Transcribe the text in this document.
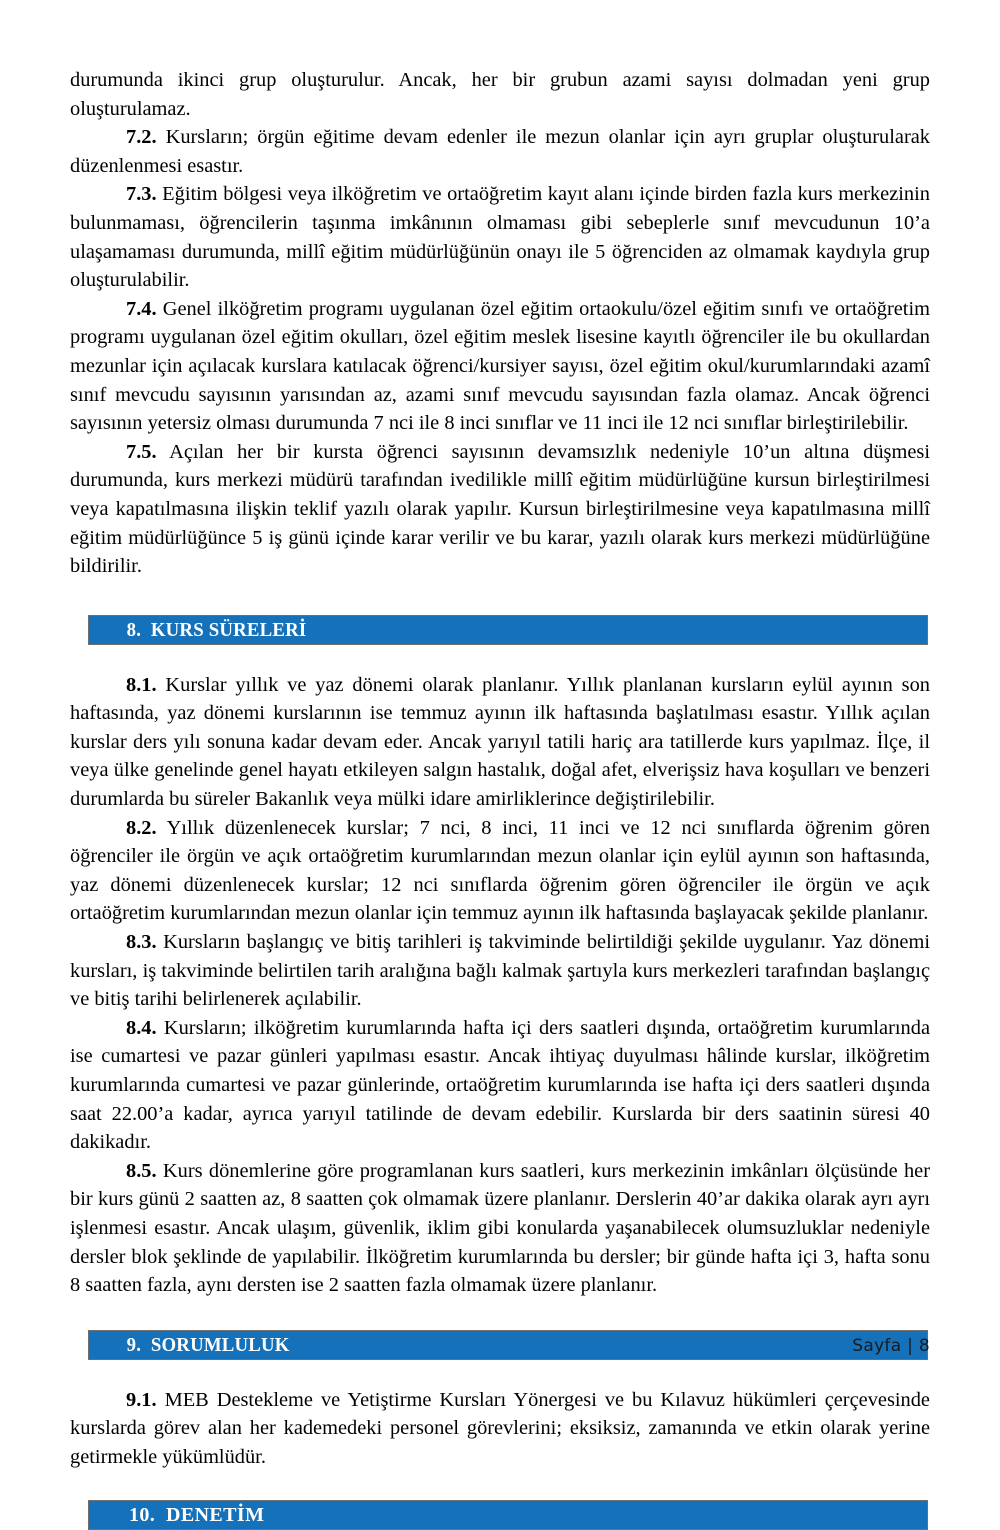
durumunda ikinci grup oluşturulur. Ancak, her bir grubun azami sayısı dolmadan yeni grup oluşturulamaz.

7.2. Kursların; örgün eğitime devam edenler ile mezun olanlar için ayrı gruplar oluşturularak düzenlenmesi esastır.

7.3. Eğitim bölgesi veya ilköğretim ve ortaöğretim kayıt alanı içinde birden fazla kurs merkezinin bulunmaması, öğrencilerin taşınma imkânının olmaması gibi sebeplerle sınıf mevcudunun 10’a ulaşamaması durumunda, millî eğitim müdürlüğünün onayı ile 5 öğrenciden az olmamak kaydıyla grup oluşturulabilir.

7.4. Genel ilköğretim programı uygulanan özel eğitim ortaokulu/özel eğitim sınıfı ve ortaöğretim programı uygulanan özel eğitim okulları, özel eğitim meslek lisesine kayıtlı öğrenciler ile bu okullardan mezunlar için açılacak kurslara katılacak öğrenci/kursiyer sayısı, özel eğitim okul/kurumlarındaki azamî sınıf mevcudu sayısının yarısından az, azami sınıf mevcudu sayısından fazla olamaz. Ancak öğrenci sayısının yetersiz olması durumunda 7 nci ile 8 inci sınıflar ve 11 inci ile 12 nci sınıflar birleştirilebilir.

7.5. Açılan her bir kursta öğrenci sayısının devamsızlık nedeniyle 10’un altına düşmesi durumunda, kurs merkezi müdürü tarafından ivedilikle millî eğitim müdürlüğüne kursun birleştirilmesi veya kapatılmasına ilişkin teklif yazılı olarak yapılır. Kursun birleştirilmesine veya kapatılmasına millî eğitim müdürlüğünce 5 iş günü içinde karar verilir ve bu karar, yazılı olarak kurs merkezi müdürlüğüne bildirilir.

8.  KURS SÜRELERİ

8.1. Kurslar yıllık ve yaz dönemi olarak planlanır. Yıllık planlanan kursların eylül ayının son haftasında, yaz dönemi kurslarının ise temmuz ayının ilk haftasında başlatılması esastır. Yıllık açılan kurslar ders yılı sonuna kadar devam eder. Ancak yarıyıl tatili hariç ara tatillerde kurs yapılmaz. İlçe, il veya ülke genelinde genel hayatı etkileyen salgın hastalık, doğal afet, elverişsiz hava koşulları ve benzeri durumlarda bu süreler Bakanlık veya mülki idare amirliklerince değiştirilebilir.

8.2. Yıllık düzenlenecek kurslar; 7 nci, 8 inci, 11 inci ve 12 nci sınıflarda öğrenim gören öğrenciler ile örgün ve açık ortaöğretim kurumlarından mezun olanlar için eylül ayının son haftasında, yaz dönemi düzenlenecek kurslar; 12 nci sınıflarda öğrenim gören öğrenciler ile örgün ve açık ortaöğretim kurumlarından mezun olanlar için temmuz ayının ilk haftasında başlayacak şekilde planlanır.

8.3. Kursların başlangıç ve bitiş tarihleri iş takviminde belirtildiği şekilde uygulanır. Yaz dönemi kursları, iş takviminde belirtilen tarih aralığına bağlı kalmak şartıyla kurs merkezleri tarafından başlangıç ve bitiş tarihi belirlenerek açılabilir.

8.4. Kursların; ilköğretim kurumlarında hafta içi ders saatleri dışında, ortaöğretim kurumlarında ise cumartesi ve pazar günleri yapılması esastır. Ancak ihtiyaç duyulması hâlinde kurslar, ilköğretim kurumlarında cumartesi ve pazar günlerinde, ortaöğretim kurumlarında ise hafta içi ders saatleri dışında saat 22.00’a kadar, ayrıca yarıyıl tatilinde de devam edebilir. Kurslarda bir ders saatinin süresi 40 dakikadır.

8.5. Kurs dönemlerine göre programlanan kurs saatleri, kurs merkezinin imkânları ölçüsünde her bir kurs günü 2 saatten az, 8 saatten çok olmamak üzere planlanır. Derslerin 40’ar dakika olarak ayrı ayrı işlenmesi esastır. Ancak ulaşım, güvenlik, iklim gibi konularda yaşanabilecek olumsuzluklar nedeniyle dersler blok şeklinde de yapılabilir. İlköğretim kurumlarında bu dersler; bir günde hafta içi 3, hafta sonu 8 saatten fazla, aynı dersten ise 2 saatten fazla olmamak üzere planlanır.

9.  SORUMLULUK

9.1. MEB Destekleme ve Yetiştirme Kursları Yönergesi ve bu Kılavuz hükümleri çerçevesinde kurslarda görev alan her kademedeki personel görevlerini; eksiksiz, zamanında ve etkin olarak yerine getirmekle yükümlüdür.

10.  DENETİM

Sayfa | 8
